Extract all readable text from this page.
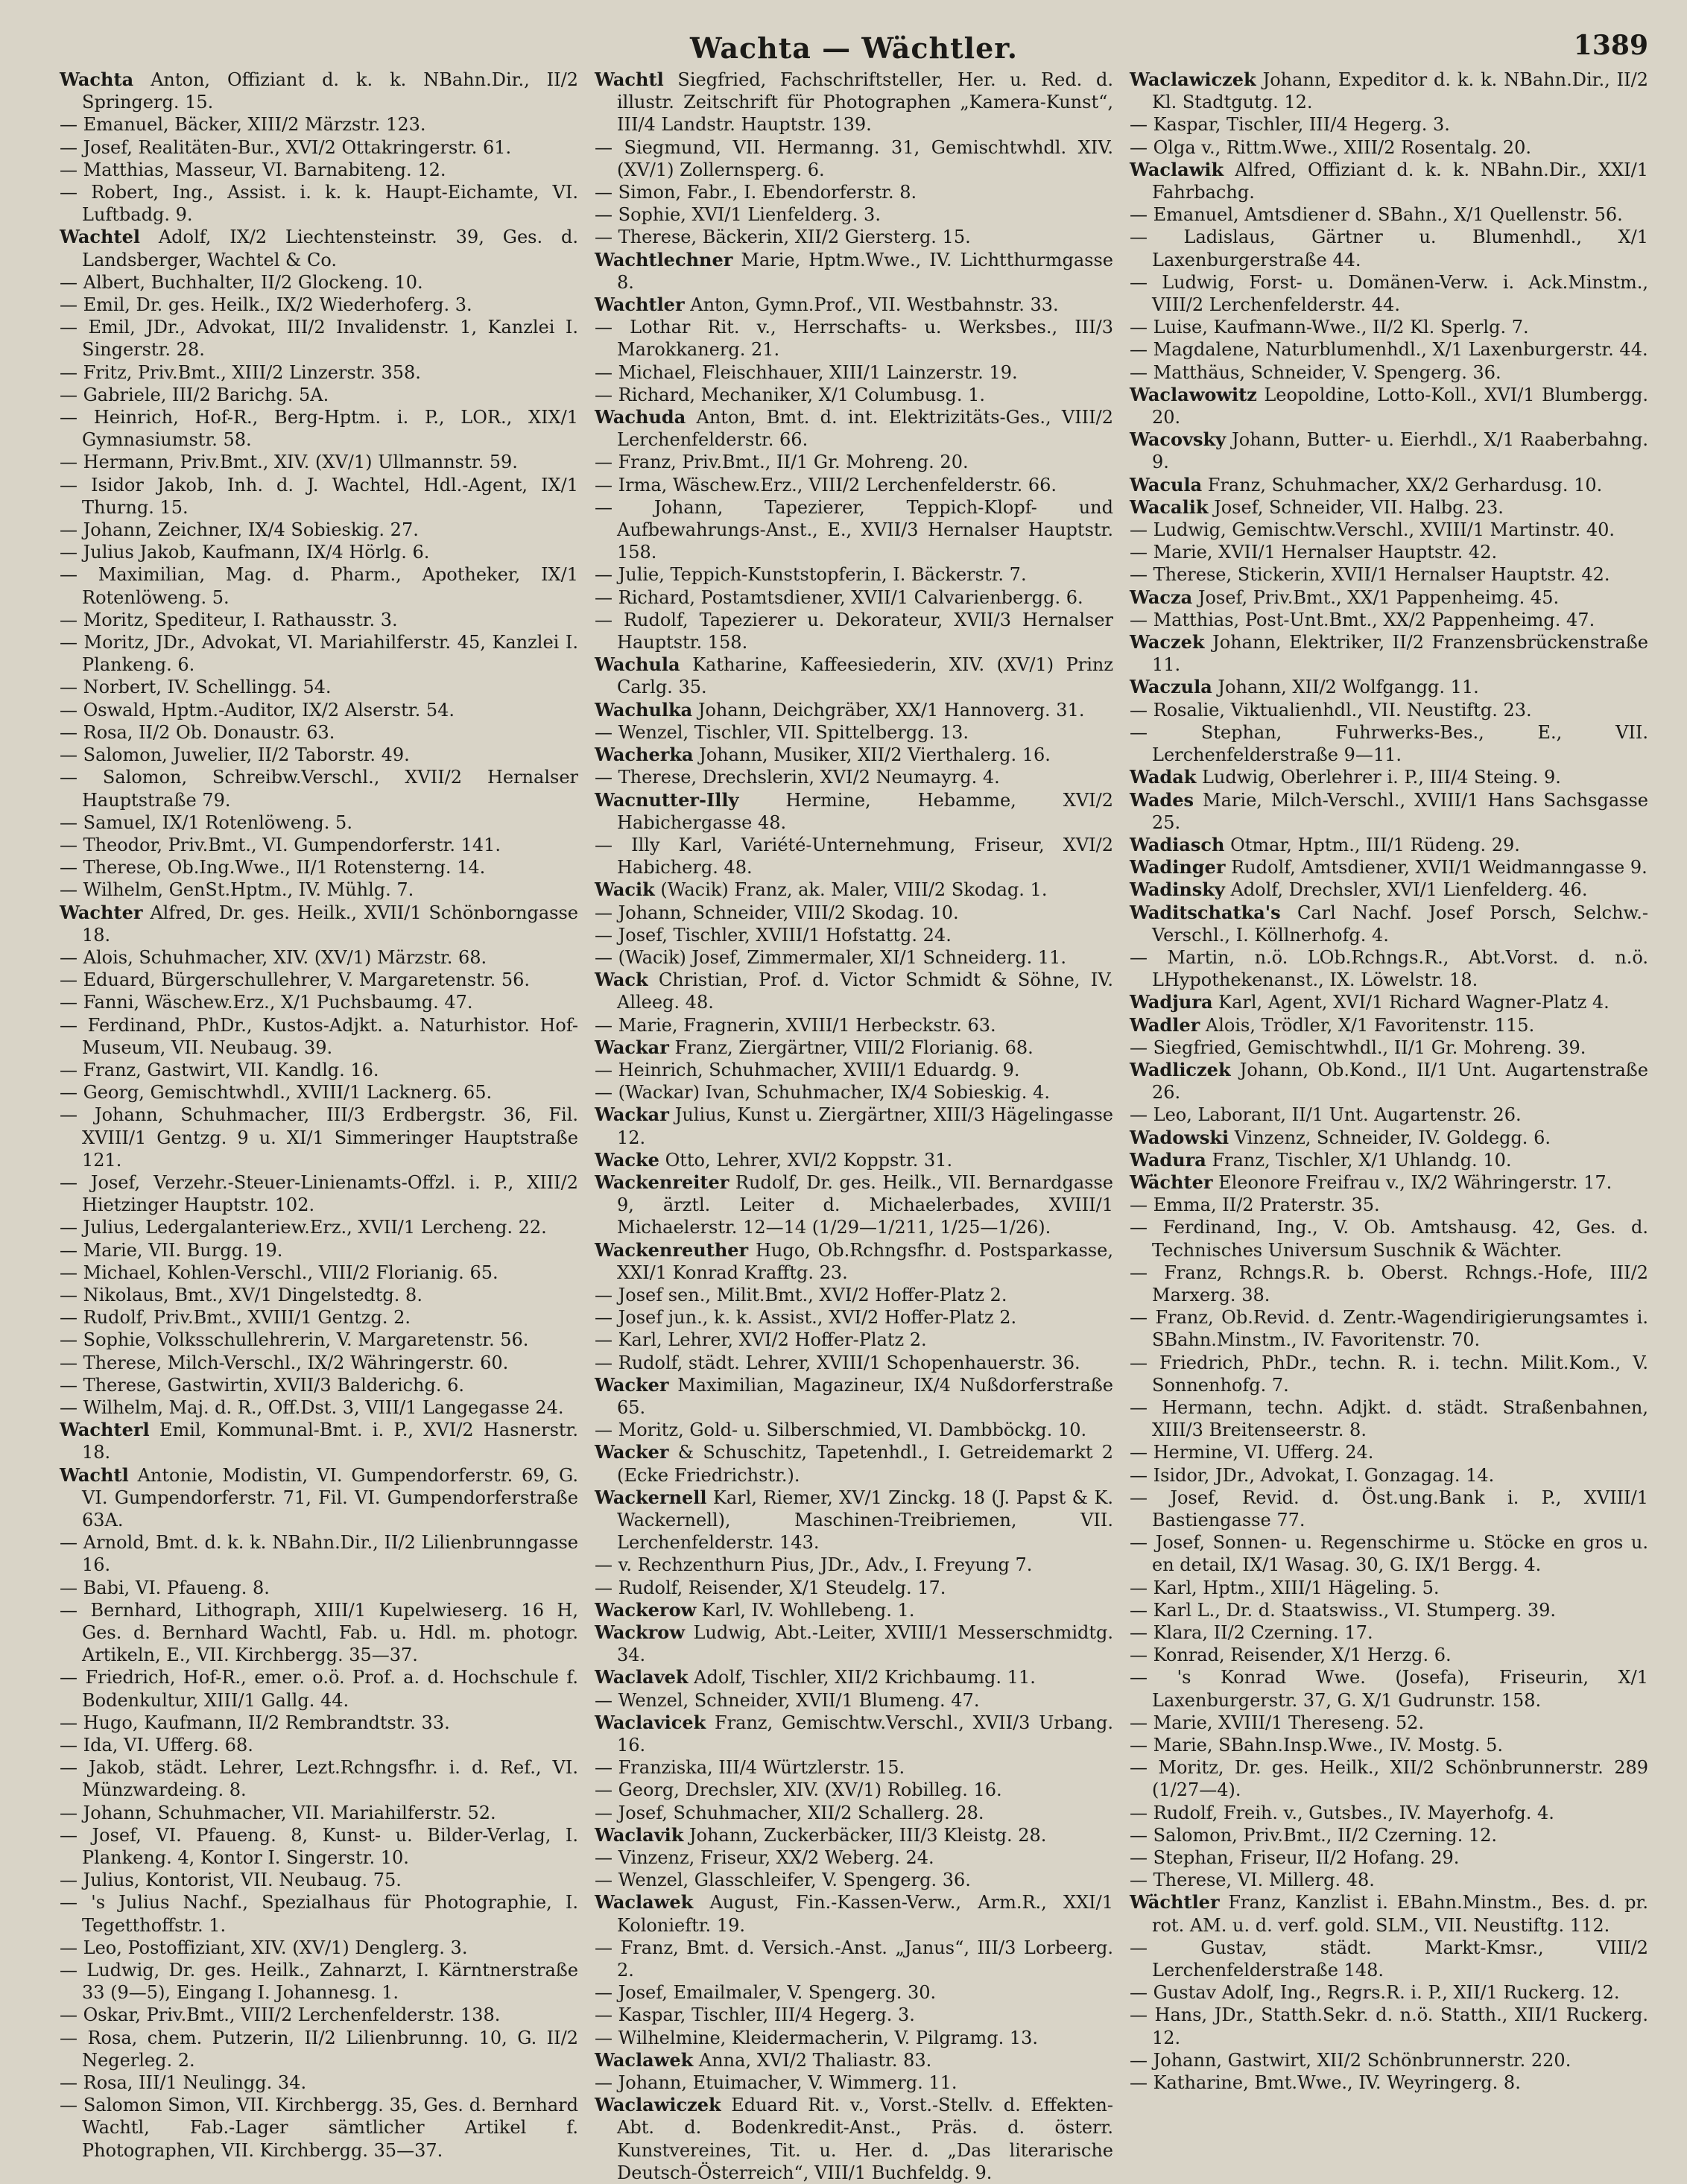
Wachta — Wächtler.	1389
Wachta Anton, Offiziant d. k. k. NBahn.Dir., II/2 Springerg. 15.
— Emanuel, Bäcker, XIII/2 Märzstr. 123.
— Josef, Realitäten-Bur., XVI/2 Ottakringerstr. 61.
— Matthias, Masseur, VI. Barnabiteng. 12.
— Robert, Ing., Assist. i. k. k. Haupt-Eichamte, VI. Luftbadg. 9.
Wachtel Adolf, IX/2 Liechtensteinstr. 39, Ges. d. Landsberger, Wachtel & Co.
— Albert, Buchhalter, II/2 Glockeng. 10.
— Emil, Dr. ges. Heilk., IX/2 Wiederhoferg. 3.
— Emil, JDr., Advokat, III/2 Invalidenstr. 1, Kanzlei I. Singerstr. 28.
— Fritz, Priv.Bmt., XIII/2 Linzerstr. 358.
— Gabriele, III/2 Barichg. 5A.
— Heinrich, Hof-R., Berg-Hptm. i. P., LOR., XIX/1 Gymnasiumstr. 58.
— Hermann, Priv.Bmt., XIV. (XV/1) Ullmannstr. 59.
— Isidor Jakob, Inh. d. J. Wachtel, Hdl.-Agent, IX/1 Thurng. 15.
— Johann, Zeichner, IX/4 Sobieskig. 27.
— Julius Jakob, Kaufmann, IX/4 Hörlg. 6.
— Maximilian, Mag. d. Pharm., Apotheker, IX/1 Rotenlöweng. 5.
— Moritz, Spediteur, I. Rathausstr. 3.
— Moritz, JDr., Advokat, VI. Mariahilferstr. 45, Kanzlei I. Plankeng. 6.
— Norbert, IV. Schellingg. 54.
— Oswald, Hptm.-Auditor, IX/2 Alserstr. 54.
— Rosa, II/2 Ob. Donaustr. 63.
— Salomon, Juwelier, II/2 Taborstr. 49.
— Salomon, Schreibw.Verschl., XVII/2 Hernalser Hauptstraße 79.
— Samuel, IX/1 Rotenlöweng. 5.
— Theodor, Priv.Bmt., VI. Gumpendorferstr. 141.
— Therese, Ob.Ing.Wwe., II/1 Rotensterng. 14.
— Wilhelm, GenSt.Hptm., IV. Mühlg. 7.
Wachter Alfred, Dr. ges. Heilk., XVII/1 Schönborngasse 18.
— Alois, Schuhmacher, XIV. (XV/1) Märzstr. 68.
— Eduard, Bürgerschullehrer, V. Margaretenstr. 56.
— Fanni, Wäschew.Erz., X/1 Puchsbaumg. 47.
— Ferdinand, PhDr., Kustos-Adjkt. a. Naturhistor. Hof-Museum, VII. Neubaug. 39.
— Franz, Gastwirt, VII. Kandlg. 16.
— Georg, Gemischtwhdl., XVIII/1 Lacknerg. 65.
— Johann, Schuhmacher, III/3 Erdbergstr. 36, Fil. XVIII/1 Gentzg. 9 u. XI/1 Simmeringer Hauptstraße 121.
— Josef, Verzehr.-Steuer-Linienamts-Offzl. i. P., XIII/2 Hietzinger Hauptstr. 102.
— Julius, Ledergalanteriew.Erz., XVII/1 Lercheng. 22.
— Marie, VII. Burgg. 19.
— Michael, Kohlen-Verschl., VIII/2 Florianig. 65.
— Nikolaus, Bmt., XV/1 Dingelstedtg. 8.
— Rudolf, Priv.Bmt., XVIII/1 Gentzg. 2.
— Sophie, Volksschullehrerin, V. Margaretenstr. 56.
— Therese, Milch-Verschl., IX/2 Währingerstr. 60.
— Therese, Gastwirtin, XVII/3 Balderichg. 6.
— Wilhelm, Maj. d. R., Off.Dst. 3, VIII/1 Langegasse 24.
Wachterl Emil, Kommunal-Bmt. i. P., XVI/2 Hasnerstr. 18.
Wachtl Antonie, Modistin, VI. Gumpendorferstr. 69, G. VI. Gumpendorferstr. 71, Fil. VI. Gumpendorferstraße 63A.
— Arnold, Bmt. d. k. k. NBahn.Dir., II/2 Lilienbrunngasse 16.
— Babi, VI. Pfaueng. 8.
— Bernhard, Lithograph, XIII/1 Kupelwieserg. 16 H, Ges. d. Bernhard Wachtl, Fab. u. Hdl. m. photogr. Artikeln, E., VII. Kirchbergg. 35—37.
— Friedrich, Hof-R., emer. o.ö. Prof. a. d. Hochschule f. Bodenkultur, XIII/1 Gallg. 44.
— Hugo, Kaufmann, II/2 Rembrandtstr. 33.
— Ida, VI. Ufferg. 68.
— Jakob, städt. Lehrer, Lezt.Rchngsfhr. i. d. Ref., VI. Münzwardeing. 8.
— Johann, Schuhmacher, VII. Mariahilferstr. 52.
— Josef, VI. Pfaueng. 8, Kunst- u. Bilder-Verlag, I. Plankeng. 4, Kontor I. Singerstr. 10.
— Julius, Kontorist, VII. Neubaug. 75.
— 's Julius Nachf., Spezialhaus für Photographie, I. Tegetthoffstr. 1.
— Leo, Postoffiziant, XIV. (XV/1) Denglerg. 3.
— Ludwig, Dr. ges. Heilk., Zahnarzt, I. Kärntnerstraße 33 (9—5), Eingang I. Johannesg. 1.
— Oskar, Priv.Bmt., VIII/2 Lerchenfelderstr. 138.
— Rosa, chem. Putzerin, II/2 Lilienbrunng. 10, G. II/2 Negerleg. 2.
— Rosa, III/1 Neulingg. 34.
— Salomon Simon, VII. Kirchbergg. 35, Ges. d. Bernhard Wachtl, Fab.-Lager sämtlicher Artikel f. Photographen, VII. Kirchbergg. 35—37.
Wachtl Siegfried, Fachschriftsteller, Her. u. Red. d. illustr. Zeitschrift für Photographen „Kamera-Kunst“, III/4 Landstr. Hauptstr. 139.
— Siegmund, VII. Hermanng. 31, Gemischtwhdl. XIV. (XV/1) Zollernsperg. 6.
— Simon, Fabr., I. Ebendorferstr. 8.
— Sophie, XVI/1 Lienfelderg. 3.
— Therese, Bäckerin, XII/2 Giersterg. 15.
Wachtlechner Marie, Hptm.Wwe., IV. Lichtthurmgasse 8.
Wachtler Anton, Gymn.Prof., VII. Westbahnstr. 33.
— Lothar Rit. v., Herrschafts- u. Werksbes., III/3 Marokkanerg. 21.
— Michael, Fleischhauer, XIII/1 Lainzerstr. 19.
— Richard, Mechaniker, X/1 Columbusg. 1.
Wachuda Anton, Bmt. d. int. Elektrizitäts-Ges., VIII/2 Lerchenfelderstr. 66.
— Franz, Priv.Bmt., II/1 Gr. Mohreng. 20.
— Irma, Wäschew.Erz., VIII/2 Lerchenfelderstr. 66.
— Johann, Tapezierer, Teppich-Klopf- und Aufbewahrungs-Anst., E., XVII/3 Hernalser Hauptstr. 158.
— Julie, Teppich-Kunststopferin, I. Bäckerstr. 7.
— Richard, Postamtsdiener, XVII/1 Calvarienbergg. 6.
— Rudolf, Tapezierer u. Dekorateur, XVII/3 Hernalser Hauptstr. 158.
Wachula Katharine, Kaffeesiederin, XIV. (XV/1) Prinz Carlg. 35.
Wachulka Johann, Deichgräber, XX/1 Hannoverg. 31.
— Wenzel, Tischler, VII. Spittelbergg. 13.
Wacherka Johann, Musiker, XII/2 Vierthalerg. 16.
— Therese, Drechslerin, XVI/2 Neumayrg. 4.
Wacnutter-Illy Hermine, Hebamme, XVI/2 Habichergasse 48.
— Illy Karl, Variété-Unternehmung, Friseur, XVI/2 Habicherg. 48.
Wacik (Wacik) Franz, ak. Maler, VIII/2 Skodag. 1.
— Johann, Schneider, VIII/2 Skodag. 10.
— Josef, Tischler, XVIII/1 Hofstattg. 24.
— (Wacik) Josef, Zimmermaler, XI/1 Schneiderg. 11.
Wack Christian, Prof. d. Victor Schmidt & Söhne, IV. Alleeg. 48.
— Marie, Fragnerin, XVIII/1 Herbeckstr. 63.
Wackar Franz, Ziergärtner, VIII/2 Florianig. 68.
— Heinrich, Schuhmacher, XVIII/1 Eduardg. 9.
— (Wackar) Ivan, Schuhmacher, IX/4 Sobieskig. 4.
Wackar Julius, Kunst u. Ziergärtner, XIII/3 Hägelingasse 12.
Wacke Otto, Lehrer, XVI/2 Koppstr. 31.
Wackenreiter Rudolf, Dr. ges. Heilk., VII. Bernardgasse 9, ärztl. Leiter d. Michaelerbades, XVIII/1 Michaelerstr. 12—14 (1/29—1/211, 1/25—1/26).
Wackenreuther Hugo, Ob.Rchngsfhr. d. Postsparkasse, XXI/1 Konrad Krafftg. 23.
— Josef sen., Milit.Bmt., XVI/2 Hoffer-Platz 2.
— Josef jun., k. k. Assist., XVI/2 Hoffer-Platz 2.
— Karl, Lehrer, XVI/2 Hoffer-Platz 2.
— Rudolf, städt. Lehrer, XVIII/1 Schopenhauerstr. 36.
Wacker Maximilian, Magazineur, IX/4 Nußdorferstraße 65.
— Moritz, Gold- u. Silberschmied, VI. Dambböckg. 10.
Wacker & Schuschitz, Tapetenhdl., I. Getreidemarkt 2 (Ecke Friedrichstr.).
Wackernell Karl, Riemer, XV/1 Zinckg. 18 (J. Papst & K. Wackernell), Maschinen-Treibriemen, VII. Lerchenfelderstr. 143.
— v. Rechzenthurn Pius, JDr., Adv., I. Freyung 7.
— Rudolf, Reisender, X/1 Steudelg. 17.
Wackerow Karl, IV. Wohllebeng. 1.
Wackrow Ludwig, Abt.-Leiter, XVIII/1 Messerschmidtg. 34.
Waclavek Adolf, Tischler, XII/2 Krichbaumg. 11.
— Wenzel, Schneider, XVII/1 Blumeng. 47.
Waclavicek Franz, Gemischtw.Verschl., XVII/3 Urbang. 16.
— Franziska, III/4 Würtzlerstr. 15.
— Georg, Drechsler, XIV. (XV/1) Robilleg. 16.
— Josef, Schuhmacher, XII/2 Schallerg. 28.
Waclavik Johann, Zuckerbäcker, III/3 Kleistg. 28.
— Vinzenz, Friseur, XX/2 Weberg. 24.
— Wenzel, Glasschleifer, V. Spengerg. 36.
Waclawek August, Fin.-Kassen-Verw., Arm.R., XXI/1 Kolonieftr. 19.
— Franz, Bmt. d. Versich.-Anst. „Janus“, III/3 Lorbeerg. 2.
— Josef, Emailmaler, V. Spengerg. 30.
— Kaspar, Tischler, III/4 Hegerg. 3.
— Wilhelmine, Kleidermacherin, V. Pilgramg. 13.
Waclawek Anna, XVI/2 Thaliastr. 83.
— Johann, Etuimacher, V. Wimmerg. 11.
Waclawiczek Eduard Rit. v., Vorst.-Stellv. d. Effekten-Abt. d. Bodenkredit-Anst., Präs. d. österr. Kunstvereines, Tit. u. Her. d. „Das literarische Deutsch-Österreich“, VIII/1 Buchfeldg. 9.
Waclawiczek Johann, Expeditor d. k. k. NBahn.Dir., II/2 Kl. Stadtgutg. 12.
— Kaspar, Tischler, III/4 Hegerg. 3.
— Olga v., Rittm.Wwe., XIII/2 Rosentalg. 20.
Waclawik Alfred, Offiziant d. k. k. NBahn.Dir., XXI/1 Fahrbachg.
— Emanuel, Amtsdiener d. SBahn., X/1 Quellenstr. 56.
— Ladislaus, Gärtner u. Blumenhdl., X/1 Laxenburgerstraße 44.
— Ludwig, Forst- u. Domänen-Verw. i. Ack.Minstm., VIII/2 Lerchenfelderstr. 44.
— Luise, Kaufmann-Wwe., II/2 Kl. Sperlg. 7.
— Magdalene, Naturblumenhdl., X/1 Laxenburgerstr. 44.
— Matthäus, Schneider, V. Spengerg. 36.
Waclawowitz Leopoldine, Lotto-Koll., XVI/1 Blumbergg. 20.
Wacovsky Johann, Butter- u. Eierhdl., X/1 Raaberbahng. 9.
Wacula Franz, Schuhmacher, XX/2 Gerhardusg. 10.
Wacalik Josef, Schneider, VII. Halbg. 23.
— Ludwig, Gemischtw.Verschl., XVIII/1 Martinstr. 40.
— Marie, XVII/1 Hernalser Hauptstr. 42.
— Therese, Stickerin, XVII/1 Hernalser Hauptstr. 42.
Wacza Josef, Priv.Bmt., XX/1 Pappenheimg. 45.
— Matthias, Post-Unt.Bmt., XX/2 Pappenheimg. 47.
Waczek Johann, Elektriker, II/2 Franzensbrückenstraße 11.
Waczula Johann, XII/2 Wolfgangg. 11.
— Rosalie, Viktualienhdl., VII. Neustiftg. 23.
— Stephan, Fuhrwerks-Bes., E., VII. Lerchenfelderstraße 9—11.
Wadak Ludwig, Oberlehrer i. P., III/4 Steing. 9.
Wades Marie, Milch-Verschl., XVIII/1 Hans Sachsgasse 25.
Wadiasch Otmar, Hptm., III/1 Rüdeng. 29.
Wadinger Rudolf, Amtsdiener, XVII/1 Weidmanngasse 9.
Wadinsky Adolf, Drechsler, XVI/1 Lienfelderg. 46.
Waditschatka's Carl Nachf. Josef Porsch, Selchw.-Verschl., I. Köllnerhofg. 4.
— Martin, n.ö. LOb.Rchngs.R., Abt.Vorst. d. n.ö. LHypothekenanst., IX. Löwelstr. 18.
Wadjura Karl, Agent, XVI/1 Richard Wagner-Platz 4.
Wadler Alois, Trödler, X/1 Favoritenstr. 115.
— Siegfried, Gemischtwhdl., II/1 Gr. Mohreng. 39.
Wadliczek Johann, Ob.Kond., II/1 Unt. Augartenstraße 26.
— Leo, Laborant, II/1 Unt. Augartenstr. 26.
Wadowski Vinzenz, Schneider, IV. Goldegg. 6.
Wadura Franz, Tischler, X/1 Uhlandg. 10.
Wächter Eleonore Freifrau v., IX/2 Währingerstr. 17.
— Emma, II/2 Praterstr. 35.
— Ferdinand, Ing., V. Ob. Amtshausg. 42, Ges. d. Technisches Universum Suschnik & Wächter.
— Franz, Rchngs.R. b. Oberst. Rchngs.-Hofe, III/2 Marxerg. 38.
— Franz, Ob.Revid. d. Zentr.-Wagendirigierungsamtes i. SBahn.Minstm., IV. Favoritenstr. 70.
— Friedrich, PhDr., techn. R. i. techn. Milit.Kom., V. Sonnenhofg. 7.
— Hermann, techn. Adjkt. d. städt. Straßenbahnen, XIII/3 Breitenseerstr. 8.
— Hermine, VI. Ufferg. 24.
— Isidor, JDr., Advokat, I. Gonzagag. 14.
— Josef, Revid. d. Öst.ung.Bank i. P., XVIII/1 Bastiengasse 77.
— Josef, Sonnen- u. Regenschirme u. Stöcke en gros u. en detail, IX/1 Wasag. 30, G. IX/1 Bergg. 4.
— Karl, Hptm., XIII/1 Hägeling. 5.
— Karl L., Dr. d. Staatswiss., VI. Stumperg. 39.
— Klara, II/2 Czerning. 17.
— Konrad, Reisender, X/1 Herzg. 6.
— 's Konrad Wwe. (Josefa), Friseurin, X/1 Laxenburgerstr. 37, G. X/1 Gudrunstr. 158.
— Marie, XVIII/1 Thereseng. 52.
— Marie, SBahn.Insp.Wwe., IV. Mostg. 5.
— Moritz, Dr. ges. Heilk., XII/2 Schönbrunnerstr. 289 (1/27—4).
— Rudolf, Freih. v., Gutsbes., IV. Mayerhofg. 4.
— Salomon, Priv.Bmt., II/2 Czerning. 12.
— Stephan, Friseur, II/2 Hofang. 29.
— Therese, VI. Millerg. 48.
Wächtler Franz, Kanzlist i. EBahn.Minstm., Bes. d. pr. rot. AM. u. d. verf. gold. SLM., VII. Neustiftg. 112.
— Gustav, städt. Markt-Kmsr., VIII/2 Lerchenfelderstraße 148.
— Gustav Adolf, Ing., Regrs.R. i. P., XII/1 Ruckerg. 12.
— Hans, JDr., Statth.Sekr. d. n.ö. Statth., XII/1 Ruckerg. 12.
— Johann, Gastwirt, XII/2 Schönbrunnerstr. 220.
— Katharine, Bmt.Wwe., IV. Weyringerg. 8.
